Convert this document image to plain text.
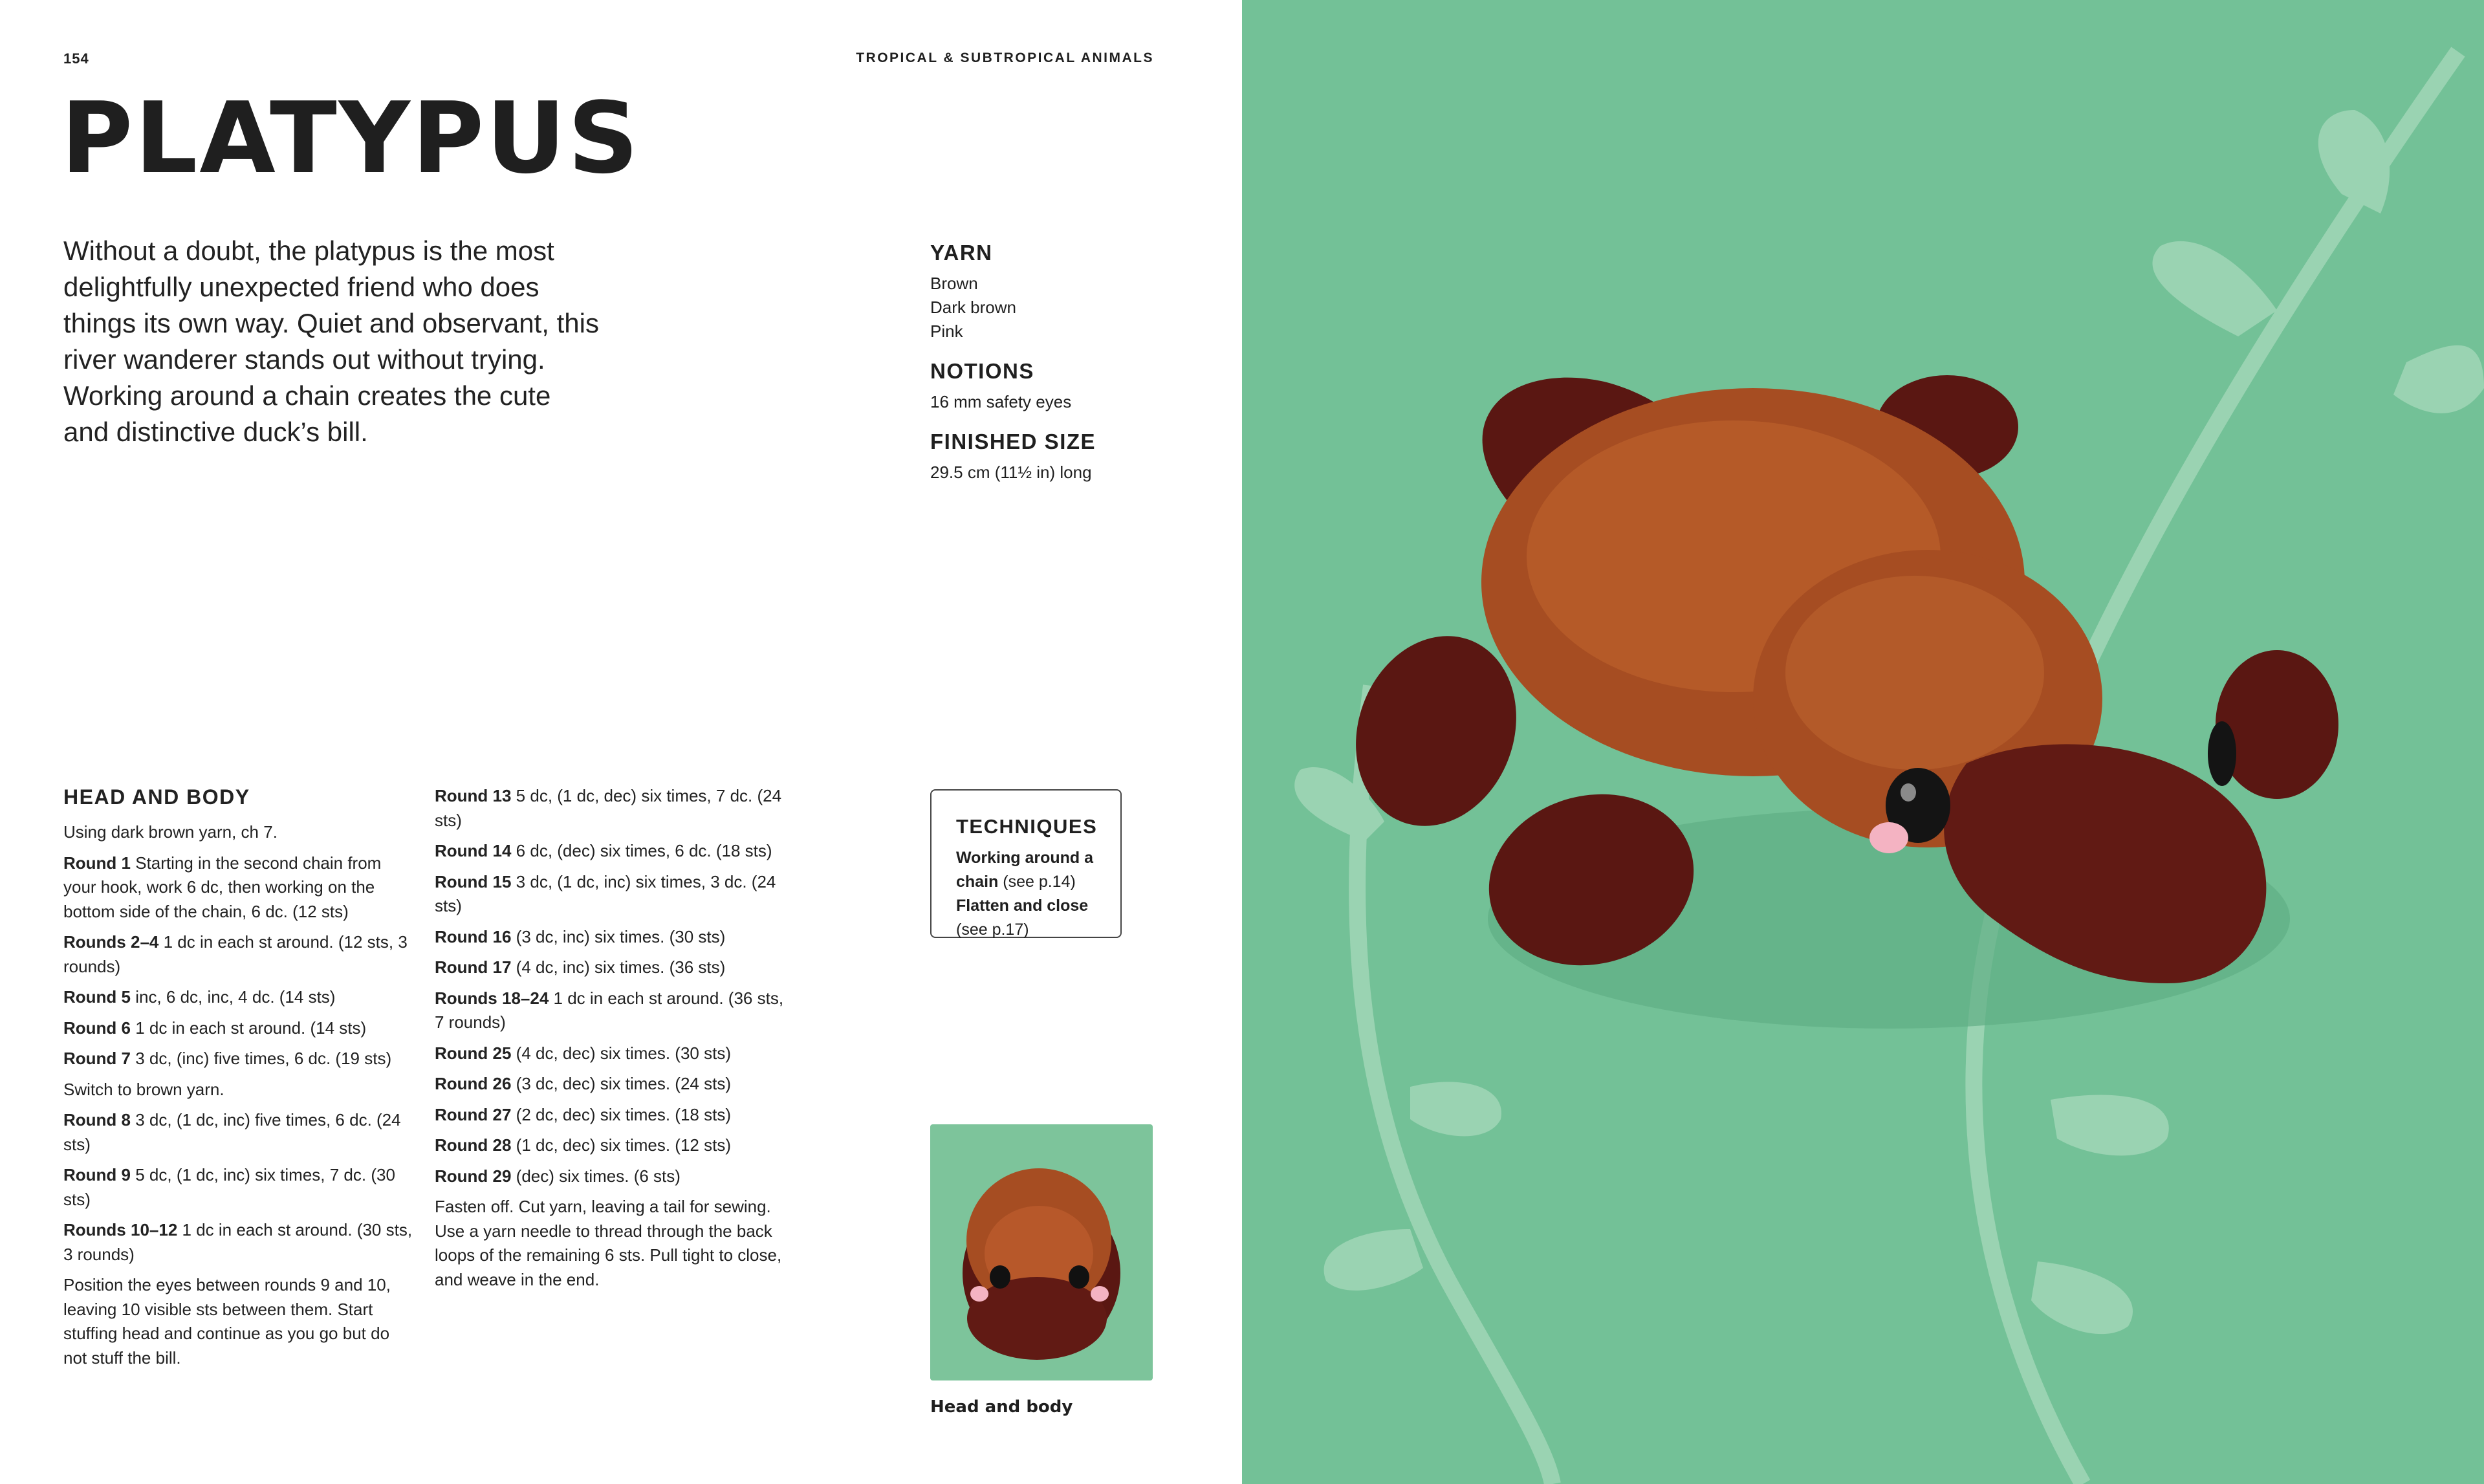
154	TROPICAL & SUBTROPICAL ANIMALS
PLATYPUS

Without a doubt, the platypus is the most delightfully unexpected friend who does things its own way. Quiet and observant, this river wanderer stands out without trying. Working around a chain creates the cute and distinctive duck’s bill.

YARN

Brown

Dark brown

Pink

NOTIONS

16 mm safety eyes

FINISHED SIZE

29.5 cm (11½ in) long

HEAD AND BODY

Using dark brown yarn, ch 7.

Round 1 Starting in the second chain from your hook, work 6 dc, then working on the bottom side of the chain, 6 dc. (12 sts)

Rounds 2–4 1 dc in each st around. (12 sts, 3 rounds)

Round 5 inc, 6 dc, inc, 4 dc. (14 sts)

Round 6 1 dc in each st around. (14 sts)

Round 7 3 dc, (inc) five times, 6 dc. (19 sts)

Switch to brown yarn.

Round 8 3 dc, (1 dc, inc) five times, 6 dc. (24 sts)

Round 9 5 dc, (1 dc, inc) six times, 7 dc. (30 sts)

Rounds 10–12 1 dc in each st around. (30 sts, 3 rounds)

Position the eyes between rounds 9 and 10, leaving 10 visible sts between them. Start stuffing head and continue as you go but do not stuff the bill.

Round 13 5 dc, (1 dc, dec) six times, 7 dc. (24 sts)

Round 14 6 dc, (dec) six times, 6 dc. (18 sts)

Round 15 3 dc, (1 dc, inc) six times, 3 dc. (24 sts)

Round 16 (3 dc, inc) six times. (30 sts)

Round 17 (4 dc, inc) six times. (36 sts)

Rounds 18–24 1 dc in each st around. (36 sts, 7 rounds)

Round 25 (4 dc, dec) six times. (30 sts)

Round 26 (3 dc, dec) six times. (24 sts)

Round 27 (2 dc, dec) six times. (18 sts)

Round 28 (1 dc, dec) six times. (12 sts)

Round 29 (dec) six times. (6 sts)

Fasten off. Cut yarn, leaving a tail for sewing. Use a yarn needle to thread through the back loops of the remaining 6 sts. Pull tight to close, and weave in the end.

TECHNIQUES

Working around a chain (see p.14)

Flatten and close (see p.17)

Head and body
